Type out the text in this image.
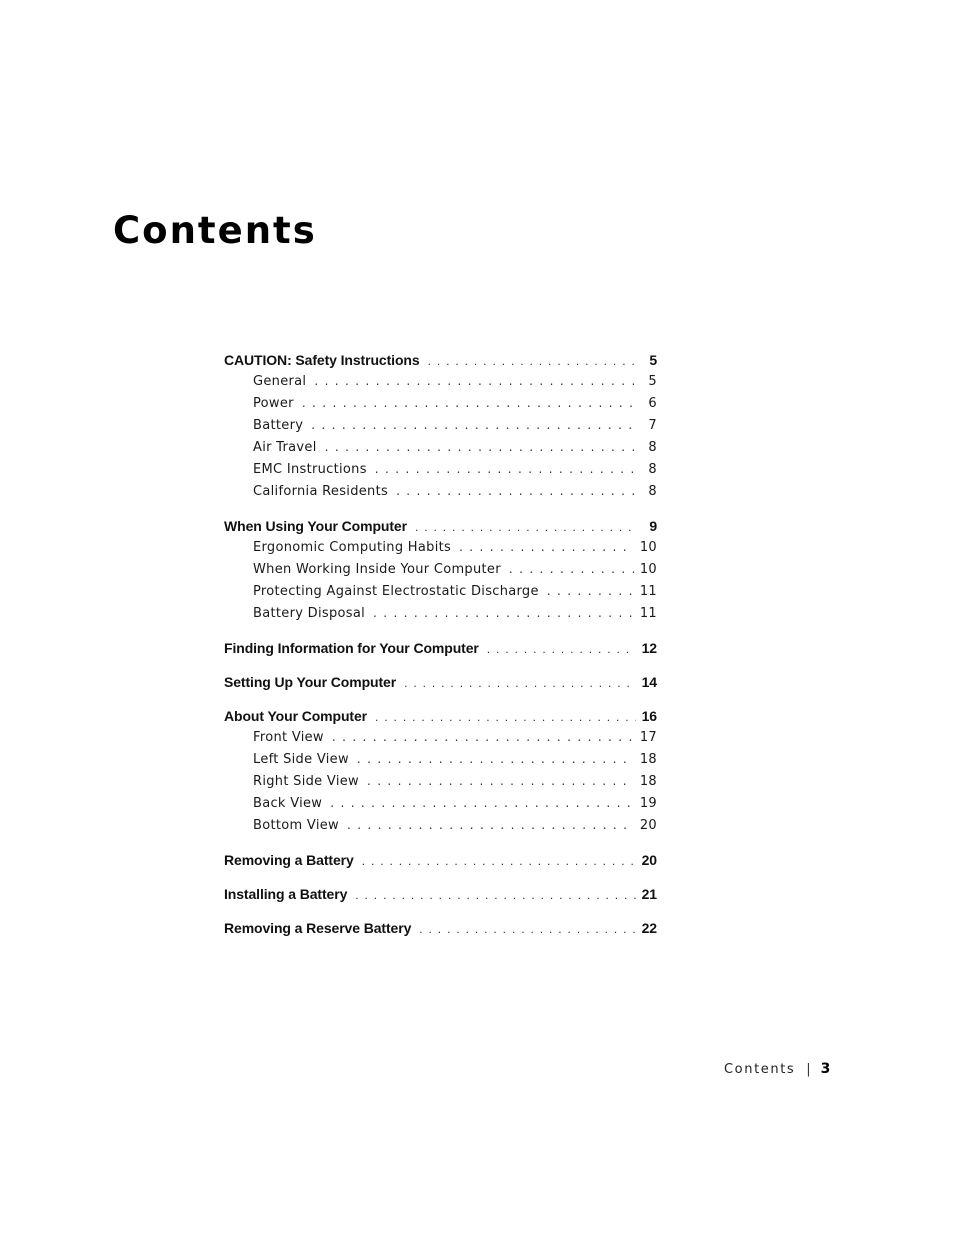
Contents
CAUTION: Safety Instructions . . .	5
General . . .	5
Power . . .	6
Battery . . .	7
Air Travel . . .	8
EMC Instructions . . .	8
California Residents . . .	8
When Using Your Computer . . .	9
Ergonomic Computing Habits . . .	10
When Working Inside Your Computer . . .	10
Protecting Against Electrostatic Discharge . . .	11
Battery Disposal . . .	11
Finding Information for Your Computer . . .	12
Setting Up Your Computer . . .	14
About Your Computer . . .	16
Front View . . .	17
Left Side View . . .	18
Right Side View . . .	18
Back View . . .	19
Bottom View . . .	20
Removing a Battery . . .	20
Installing a Battery . . .	21
Removing a Reserve Battery . . .	22
Contents | 3
